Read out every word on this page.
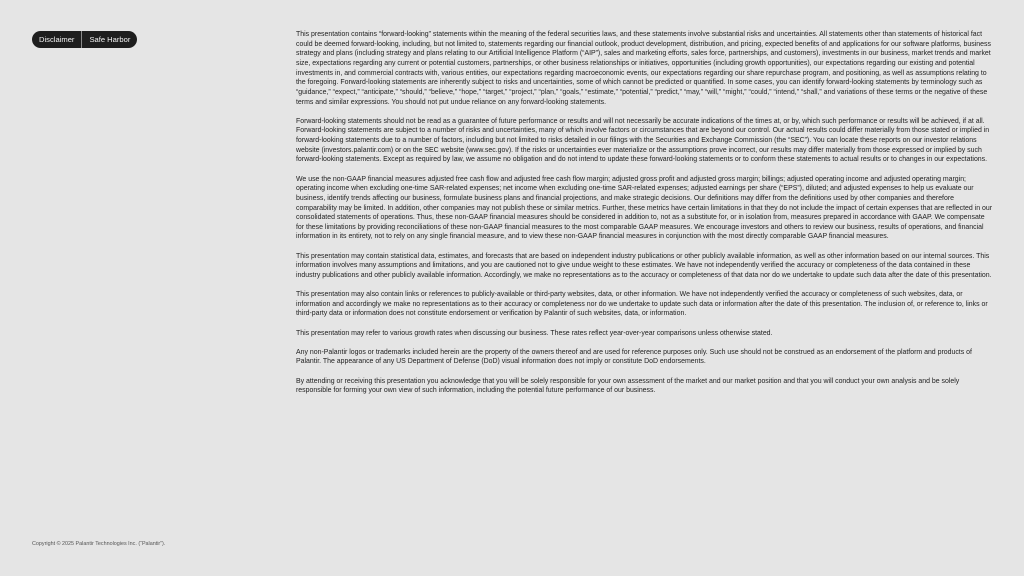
Disclaimer	Safe Harbor

This presentation contains “forward-looking” statements within the meaning of the federal securities laws, and these statements involve substantial risks and uncertainties. All statements other than statements of historical fact could be deemed forward-looking, including, but not limited to, statements regarding our financial outlook, product development, distribution, and pricing, expected benefits of and applications for our software platforms, business strategy and plans (including strategy and plans relating to our Artificial Intelligence Platform (“AIP”), sales and marketing efforts, sales force, partnerships, and customers), investments in our business, market trends and market size, expectations regarding any current or potential customers, partnerships, or other business relationships or initiatives, opportunities (including growth opportunities), our expectations regarding our existing and potential investments in, and commercial contracts with, various entities, our expectations regarding macroeconomic events, our expectations regarding our share repurchase program, and positioning, as well as assumptions relating to the foregoing. Forward-looking statements are inherently subject to risks and uncertainties, some of which cannot be predicted or quantified. In some cases, you can identify forward-looking statements by terminology such as “guidance,” “expect,” “anticipate,” “should,” “believe,” “hope,” “target,” “project,” “plan,” “goals,” “estimate,” “potential,” “predict,” “may,” “will,” “might,” “could,” “intend,” “shall,” and variations of these terms or the negative of these terms and similar expressions. You should not put undue reliance on any forward-looking statements.

Forward-looking statements should not be read as a guarantee of future performance or results and will not necessarily be accurate indications of the times at, or by, which such performance or results will be achieved, if at all. Forward-looking statements are subject to a number of risks and uncertainties, many of which involve factors or circumstances that are beyond our control. Our actual results could differ materially from those stated or implied in forward-looking statements due to a number of factors, including but not limited to risks detailed in our filings with the Securities and Exchange Commission (the “SEC”). You can locate these reports on our investor relations website (investors.palantir.com) or on the SEC website (www.sec.gov). If the risks or uncertainties ever materialize or the assumptions prove incorrect, our results may differ materially from those expressed or implied by such forward-looking statements. Except as required by law, we assume no obligation and do not intend to update these forward-looking statements or to conform these statements to actual results or to changes in our expectations.

We use the non-GAAP financial measures adjusted free cash flow and adjusted free cash flow margin; adjusted gross profit and adjusted gross margin; billings; adjusted operating income and adjusted operating margin; operating income when excluding one-time SAR-related expenses; net income when excluding one-time SAR-related expenses; adjusted earnings per share (“EPS”), diluted; and adjusted expenses to help us evaluate our business, identify trends affecting our business, formulate business plans and financial projections, and make strategic decisions. Our definitions may differ from the definitions used by other companies and therefore comparability may be limited. In addition, other companies may not publish these or similar metrics. Further, these metrics have certain limitations in that they do not include the impact of certain expenses that are reflected in our consolidated statements of operations. Thus, these non-GAAP financial measures should be considered in addition to, not as a substitute for, or in isolation from, measures prepared in accordance with GAAP. We compensate for these limitations by providing reconciliations of these non-GAAP financial measures to the most comparable GAAP measures. We encourage investors and others to review our business, results of operations, and financial information in its entirety, not to rely on any single financial measure, and to view these non-GAAP financial measures in conjunction with the most directly comparable GAAP financial measures.

This presentation may contain statistical data, estimates, and forecasts that are based on independent industry publications or other publicly available information, as well as other information based on our internal sources. This information involves many assumptions and limitations, and you are cautioned not to give undue weight to these estimates. We have not independently verified the accuracy or completeness of the data contained in these industry publications and other publicly available information. Accordingly, we make no representations as to the accuracy or completeness of that data nor do we undertake to update such data after the date of this presentation.

This presentation may also contain links or references to publicly-available or third-party websites, data, or other information. We have not independently verified the accuracy or completeness of such websites, data, or information and accordingly we make no representations as to their accuracy or completeness nor do we undertake to update such data or information after the date of this presentation. The inclusion of, or reference to, links or third-party data or information does not constitute endorsement or verification by Palantir of such websites, data, or information.

This presentation may refer to various growth rates when discussing our business. These rates reflect year-over-year comparisons unless otherwise stated.

Any non-Palantir logos or trademarks included herein are the property of the owners thereof and are used for reference purposes only. Such use should not be construed as an endorsement of the platform and products of Palantir. The appearance of any US Department of Defense (DoD) visual information does not imply or constitute DoD endorsements.

By attending or receiving this presentation you acknowledge that you will be solely responsible for your own assessment of the market and our market position and that you will conduct your own analysis and be solely responsible for forming your own view of such information, including the potential future performance of our business.

Copyright © 2025 Palantir Technologies Inc. (“Palantir”).
